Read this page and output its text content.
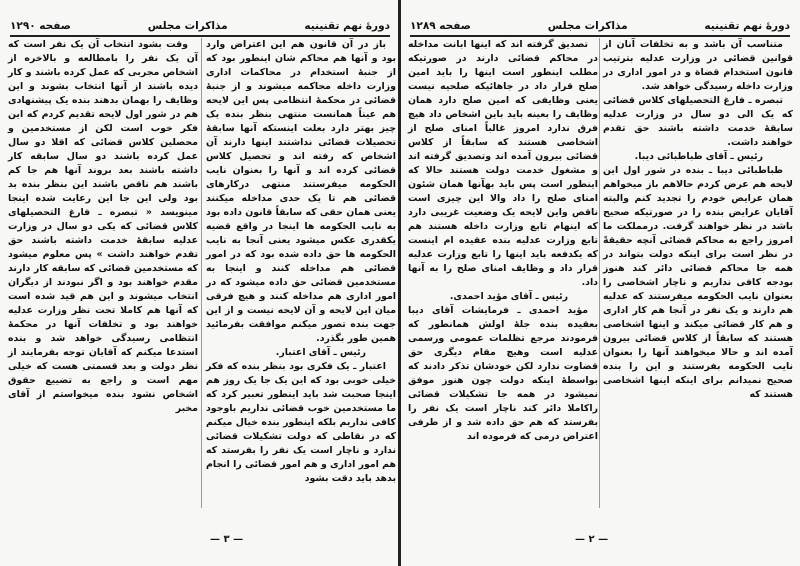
دورهٔ نهم تقنینیه
مذاکرات مجلس
صفحه ۱۲۹۰

باز در آن قانون هم این اعتراض وارد بود و آنها هم محاکم شان اینطور بود که از جنبهٔ استخدام در محاکمات اداری وزارت داخله محاکمه میشوند و از جنبهٔ قضائی در محکمهٔ انتظامی پس این لایحه هم عیناً همانست منتهی بنظر بنده یک چیز بهتر دارد بعلت اینستکه آنها سابقهٔ تحصیلات قضائی نداشتند اینها دارند آن اشخاص که رفته اند و تحصیل کلاس قضائی کرده اند و آنها را بعنوان نایب الحکومه میفرستند منتهی درکارهای قضائی هم تا یک حدی مداخله میکنند یعنی همان حقی که سابقاً قانون داده بود به نایب الحکومه ها اینجا در واقع قضیه یکقدری عکس میشود یعنی آنجا به نایب الحکومه ها حق داده شده بود که در امور قضائی هم مداخله کنند و اینجا به مستخدمین قضائی حق داده میشود که در امور اداری هم مداخله کنند و هیچ فرقی میان این لایحه و آن لایحه نیست و از این جهت بنده تصور میکنم موافقت بفرمائید همین طور بگذرد.

رئیس ـ آقای اعتبار.

اعتبار ـ یک فکری بود بنظر بنده که فکر خیلی خوبی بود که این یک جا یک روز هم اینجا صحبت شد باید اینطور تعبیر کرد که ما مستخدمین خوب قضائی نداریم باوجود کافی نداریم بلکه اینطور بنده خیال میکنم که در نقاطی که دولت تشکیلات قضائی ندارد و ناچار است یک نفر را بفرستد که هم امور اداری و هم امور قضائی را انجام بدهد باید دقت بشود

وقت بشود انتخاب آن یک نفر است که آن یک نفر را بامطالعه و بالاخره از اشخاص مجربی که عمل کرده باشند و کار دیده باشند از آنها انتخاب بشوند و این وظایف را بهمان بدهند بنده یک پیشنهادی هم در شور اول لایحه تقدیم کردم که این فکر خوب است لکن از مستخدمین و محصلین کلاس قضائی که اقلا دو سال عمل کرده باشند دو سال سابقه کار داشته باشند بعد بروند آنها هم جا کم باشند هم ناقص باشند این بنظر بنده بد بود ولی این جا این رعایت شده اینجا مینویسد « تبصره ـ فارغ التحصیلهای کلاس قضائی که یکی دو سال در وزارت عدلیه سابقهٔ خدمت داشته باشند حق تقدم خواهند داشت » پس معلوم میشود که مستخدمین قضائی که سابقه کار دارند مقدم خواهند بود و اگر نبودند از دیگران انتخاب میشوند و این هم قید شده است که آنها هم کاملا تحت نظر وزارت عدلیه خواهند بود و تخلفات آنها در محکمهٔ انتظامی رسیدگی خواهد شد و بنده استدعا میکنم که آقایان توجه بفرمایند از نظر دولت و بعد قسمتی هست که خیلی مهم است و راجع به تضییع حقوق اشخاص نشود بنده میخواستم از آقای مخبر

— ۳ —
دورهٔ نهم تقنینیه
مذاکرات مجلس
صفحه ۱۲۸۹

متناسب آن باشد و به تخلفات آنان از قوانین قضائی در وزارت عدلیه بترتیب قانون استخدام قضاة و در امور اداری در وزارت داخله رسیدگی خواهد شد.

تبصره ـ فارغ التحصیلهای کلاس قضائی که یک الی دو سال در وزارت عدلیه سابقهٔ خدمت داشته باشند حق تقدم خواهند داشت.

رئیس ـ آقای طباطبائی دیبا.

طباطبائی دیبا ـ بنده در شور اول این لایحه هم عرض کردم حالاهم باز میخواهم همان عرایض خودم را تجدید کنم والبته آقایان عرایض بنده را در صورتیکه صحیح باشد در نظر خواهند گرفت. درمملکت ما امروز راجع به محاکم قضائی آنچه حقیقةً در نظر است برای اینکه دولت بتواند در همه جا محاکم قضائی دائر کند هنوز بودجه کافی نداریم و ناچار اشخاصی را بعنوان نایب الحکومه میفرستند که عدلیه هم دارند و یک نفر در آنجا هم کار اداری و هم کار قضائی میکند و اینها اشخاصی هستند که سابقاً از کلاس قضائی بیرون آمده اند و حالا میخواهند آنها را بعنوان نایب الحکومه بفرستند و این را بنده صحیح نمیدانم برای اینکه اینها اشخاصی هستند که

تصدیق گرفته اند که اینها ابانت مداخله در محاکم قضائی دارند در صورتیکه مطلب اینطور است اینها را باید امین صلح قرار داد در جاهائیکه صلحیه نیست یعنی وظایفی که امین صلح دارد همان وظایف را بعینه باید باین اشخاص داد هیچ فرق ندارد امروز غالباً امنای صلح از اشخاصی هستند که سابقاً از کلاس قضائی بیرون آمده اند وتصدیق گرفته اند و مشغول خدمت دولت هستند حالا که اینطور است پس باید بهآنها همان شئون امنای صلح را داد والا این چیزی است ناقص واین لایحه یک وضعیت غریبی دارد که اینهام تابع وزارت داخله هستند هم تابع وزارت عدلیه بنده عقیده ام اینست که یکدفعه باید اینها را تابع وزارت عدلیه قرار داد و وظایف امنای صلح را به آنها داد.

رئیس ـ آقای مؤید احمدی.

مؤید احمدی ـ فرمایشات آقای دیبا بعقیده بنده جلهٔ اولش همانطور که فرمودند مرجع تظلمات عمومی ورسمی عدلیه است وهیچ مقام دیگری حق قضاوت ندارد لکن خودشان تذکر دادند که بواسطهٔ اینکه دولت چون هنوز موفق نمیشود در همه جا تشکیلات قضائی راکاملا دائر کند ناچار است یک نفر را بفرستد که هم حق داده شد و از طرفی اعتراض درمی که فرموده اند

— ۲ —
